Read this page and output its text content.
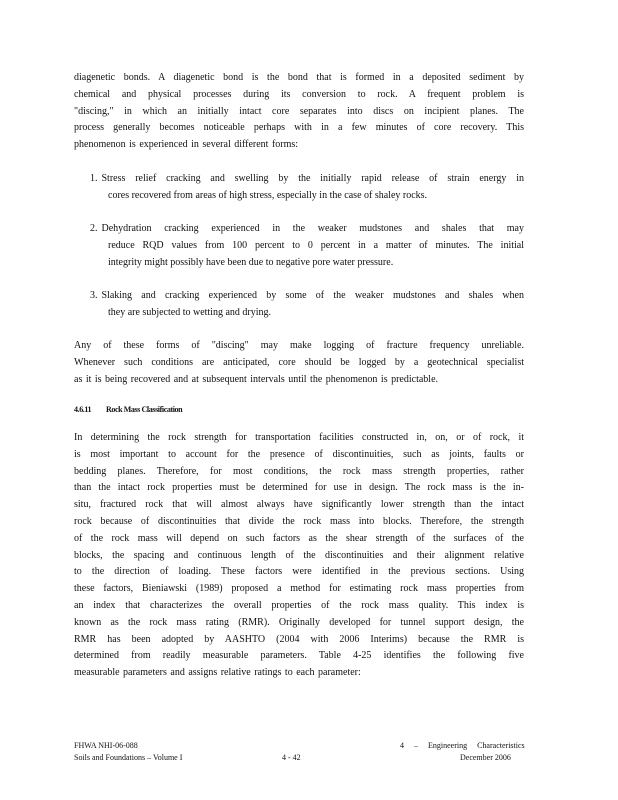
diagenetic bonds. A diagenetic bond is the bond that is formed in a deposited sediment by
chemical and physical processes during its conversion to rock. A frequent problem is
"discing," in which an initially intact core separates into discs on incipient planes. The
process generally becomes noticeable perhaps with in a few minutes of core recovery. This
phenomenon is experienced in several different forms:
1. Stress relief cracking and swelling by the initially rapid release of strain energy in
cores recovered from areas of high stress, especially in the case of shaley rocks.
2. Dehydration cracking experienced in the weaker mudstones and shales that may
reduce RQD values from 100 percent to 0 percent in a matter of minutes. The initial
integrity might possibly have been due to negative pore water pressure.
3. Slaking and cracking experienced by some of the weaker mudstones and shales when
they are subjected to wetting and drying.
Any of these forms of "discing" may make logging of fracture frequency unreliable.
Whenever such conditions are anticipated, core should be logged by a geotechnical specialist
as it is being recovered and at subsequent intervals until the phenomenon is predictable.
4.6.11 Rock Mass Classification
In determining the rock strength for transportation facilities constructed in, on, or of rock, it
is most important to account for the presence of discontinuities, such as joints, faults or
bedding planes. Therefore, for most conditions, the rock mass strength properties, rather
than the intact rock properties must be determined for use in design. The rock mass is the in-
situ, fractured rock that will almost always have significantly lower strength than the intact
rock because of discontinuities that divide the rock mass into blocks. Therefore, the strength
of the rock mass will depend on such factors as the shear strength of the surfaces of the
blocks, the spacing and continuous length of the discontinuities and their alignment relative
to the direction of loading. These factors were identified in the previous sections. Using
these factors, Bieniawski (1989) proposed a method for estimating rock mass properties from
an index that characterizes the overall properties of the rock mass quality. This index is
known as the rock mass rating (RMR). Originally developed for tunnel support design, the
RMR has been adopted by AASHTO (2004 with 2006 Interims) because the RMR is
determined from readily measurable parameters. Table 4-25 identifies the following five
measurable parameters and assigns relative ratings to each parameter:
FHWA NHI-06-088
Soils and Foundations – Volume I	4 - 42
4 – Engineering Characteristics
December 2006
